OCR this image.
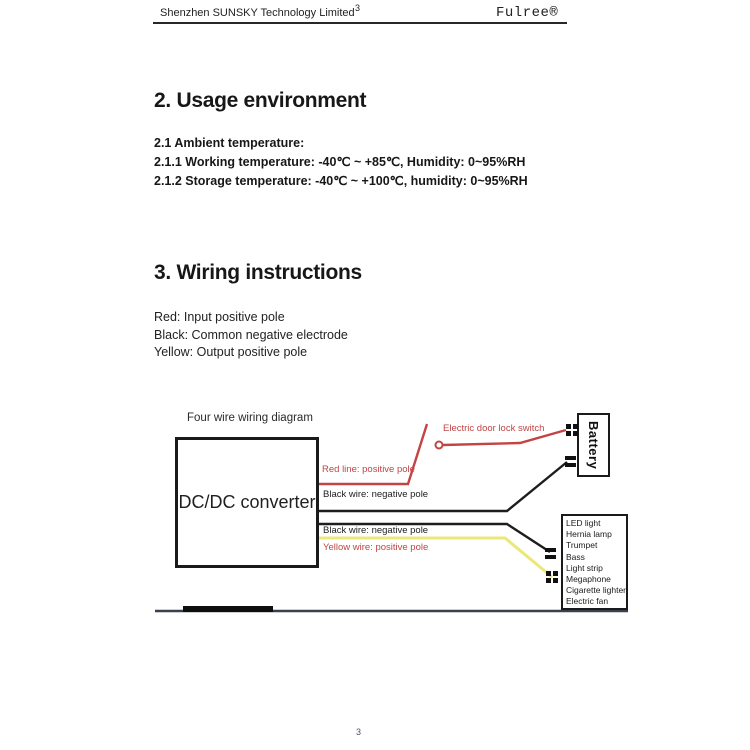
Shenzhen SUNSKY Technology Limited 3	Fulree®
2. Usage environment
2.1 Ambient temperature:
2.1.1 Working temperature: -40℃ ~ +85℃, Humidity: 0~95%RH
2.1.2 Storage temperature: -40℃ ~ +100℃, humidity: 0~95%RH
3. Wiring instructions
Red: Input positive pole
Black: Common negative electrode
Yellow: Output positive pole
Four wire wiring diagram
DC/DC converter
Battery
LED light
Hernia lamp
Trumpet
Bass
Light strip
Megaphone
Cigarette lighter
Electric fan
Red line: positive pole
Black wire: negative pole
Black wire: negative pole
Yellow wire: positive pole
Electric door lock switch
3
